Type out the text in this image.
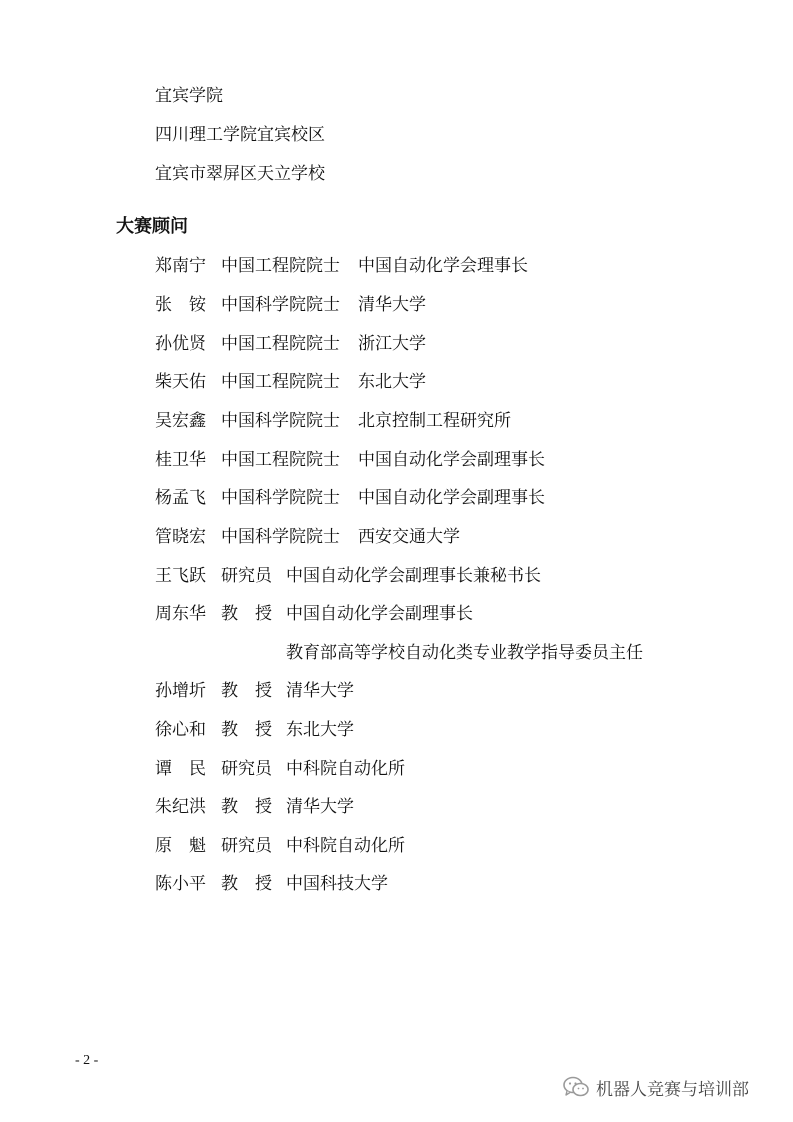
宜宾学院
四川理工学院宜宾校区
宜宾市翠屏区天立学校
大赛顾问
郑南宁 中国工程院院士 中国自动化学会理事长
张　铵 中国科学院院士 清华大学
孙优贤 中国工程院院士 浙江大学
柴天佑 中国工程院院士 东北大学
吴宏鑫 中国科学院院士 北京控制工程研究所
桂卫华 中国工程院院士 中国自动化学会副理事长
杨孟飞 中国科学院院士 中国自动化学会副理事长
管晓宏 中国科学院院士 西安交通大学
王飞跃 研究员 中国自动化学会副理事长兼秘书长
周东华 教　授 中国自动化学会副理事长
教育部高等学校自动化类专业教学指导委员主任
孙增圻 教　授 清华大学
徐心和 教　授 东北大学
谭　民 研究员 中科院自动化所
朱纪洪 教　授 清华大学
原　魁 研究员 中科院自动化所
陈小平 教　授 中国科技大学
- 2 -
机器人竞赛与培训部
